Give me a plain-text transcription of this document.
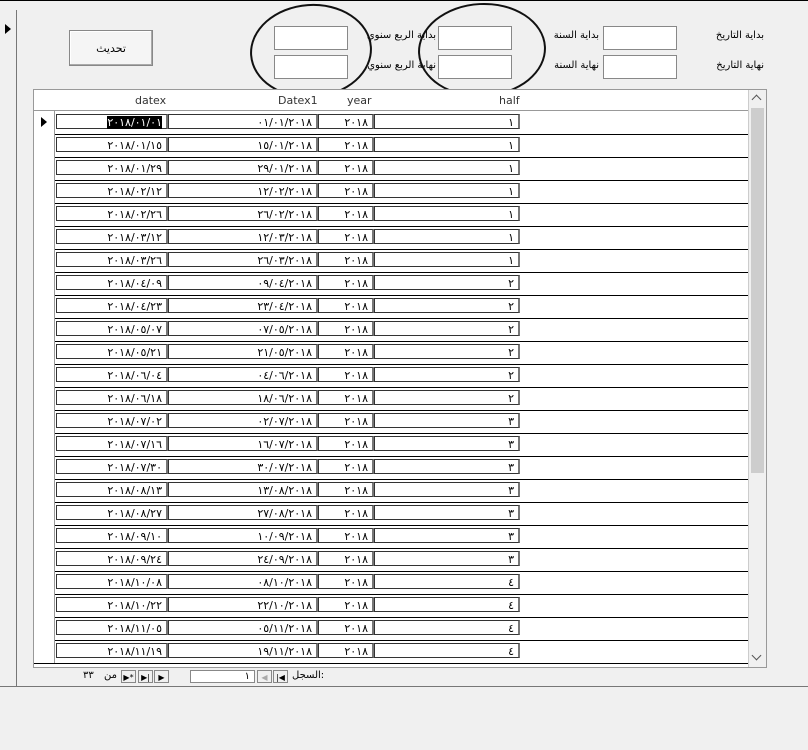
تحديث
بداية التاريخ
بداية السنة
بداية الربع سنوي
نهاية التاريخ
نهاية السنة
نهاية الربع سنوي
datex	Datex1	year	half
٢٠١٨/٠١/٠١	٠١/٠١/٢٠١٨	٢٠١٨	١
٢٠١٨/٠١/١٥	١٥/٠١/٢٠١٨	٢٠١٨	١
٢٠١٨/٠١/٢٩	٢٩/٠١/٢٠١٨	٢٠١٨	١
٢٠١٨/٠٢/١٢	١٢/٠٢/٢٠١٨	٢٠١٨	١
٢٠١٨/٠٢/٢٦	٢٦/٠٢/٢٠١٨	٢٠١٨	١
٢٠١٨/٠٣/١٢	١٢/٠٣/٢٠١٨	٢٠١٨	١
٢٠١٨/٠٣/٢٦	٢٦/٠٣/٢٠١٨	٢٠١٨	١
٢٠١٨/٠٤/٠٩	٠٩/٠٤/٢٠١٨	٢٠١٨	٢
٢٠١٨/٠٤/٢٣	٢٣/٠٤/٢٠١٨	٢٠١٨	٢
٢٠١٨/٠٥/٠٧	٠٧/٠٥/٢٠١٨	٢٠١٨	٢
٢٠١٨/٠٥/٢١	٢١/٠٥/٢٠١٨	٢٠١٨	٢
٢٠١٨/٠٦/٠٤	٠٤/٠٦/٢٠١٨	٢٠١٨	٢
٢٠١٨/٠٦/١٨	١٨/٠٦/٢٠١٨	٢٠١٨	٢
٢٠١٨/٠٧/٠٢	٠٢/٠٧/٢٠١٨	٢٠١٨	٣
٢٠١٨/٠٧/١٦	١٦/٠٧/٢٠١٨	٢٠١٨	٣
٢٠١٨/٠٧/٣٠	٣٠/٠٧/٢٠١٨	٢٠١٨	٣
٢٠١٨/٠٨/١٣	١٣/٠٨/٢٠١٨	٢٠١٨	٣
٢٠١٨/٠٨/٢٧	٢٧/٠٨/٢٠١٨	٢٠١٨	٣
٢٠١٨/٠٩/١٠	١٠/٠٩/٢٠١٨	٢٠١٨	٣
٢٠١٨/٠٩/٢٤	٢٤/٠٩/٢٠١٨	٢٠١٨	٣
٢٠١٨/١٠/٠٨	٠٨/١٠/٢٠١٨	٢٠١٨	٤
٢٠١٨/١٠/٢٢	٢٢/١٠/٢٠١٨	٢٠١٨	٤
٢٠١٨/١١/٠٥	٠٥/١١/٢٠١٨	٢٠١٨	٤
٢٠١٨/١١/١٩	١٩/١١/٢٠١٨	٢٠١٨	٤
٣٣ من ▶* ▶|	▶	١	◀	|◀ السجل:
